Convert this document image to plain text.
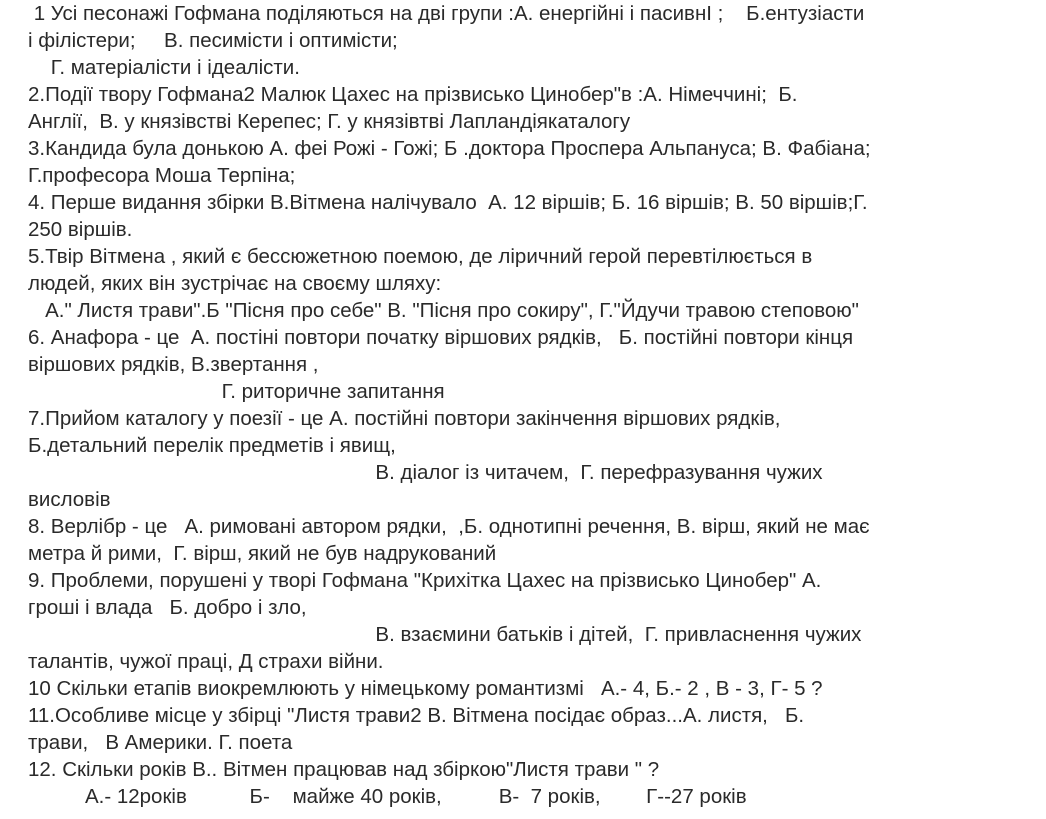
1 Усі песонажі Гофмана поділяються на дві групи :А. енергійні і пасивнI ;    Б.ентузіасти
і філістери;     В. песимісти і оптимісти;
Г. матеріалісти і ідеалісти.
2.Події твору Гофмана2 Малюк Цахес на прізвисько Цинобер"в :А. Німеччині;  Б.
Англії,  В. у князівстві Керепес; Г. у князівтві Лапландіякаталогу
3.Кандида була донькою А. феі Рожі - Гожі; Б .доктора Проспера Альпануса; В. Фабіана;
Г.професора Моша Терпіна;
4. Перше видання збірки В.Вітмена налічувало  А. 12 віршів; Б. 16 віршів; В. 50 віршів;Г.
250 віршів.
5.Твір Вітмена , який є бессюжетною поемою, де ліричний герой перевтілюється в
людей, яких він зустрічає на своєму шляху:
А." Листя трави".Б "Пісня про себе" В. "Пісня про сокиру", Г."Йдучи травою степовою"
6. Анафора - це  А. постіні повтори початку віршових рядків,   Б. постійні повтори кінця
віршових рядків, В.звертання ,
Г. риторичне запитання
7.Прийом каталогу у поезії - це А. постійні повтори закінчення віршових рядків,
Б.детальний перелік предметів і явищ,
В. діалог із читачем,  Г. перефразування чужих
висловів
8. Верлібр - це   А. римовані автором рядки,  ,Б. однотипні речення, В. вірш, який не має
метра й рими,  Г. вірш, який не був надрукований
9. Проблеми, порушені у творі Гофмана "Крихітка Цахес на прізвисько Цинобер" А.
гроші і влада   Б. добро і зло,
В. взаємини батьків і дітей,  Г. привласнення чужих
талантів, чужої праці, Д страхи війни.
10 Скільки етапів виокремлюють у німецькому романтизмі   А.- 4, Б.- 2 , В - 3, Г- 5 ?
11.Особливе місце у збірці "Листя трави2 В. Вітмена посідає образ...А. листя,   Б.
трави,   В Америки. Г. поета
12. Скільки років В.. Вітмен працював над збіркою"Листя трави " ?
А.- 12років           Б-    майже 40 років,          В-  7 років,        Г--27 років
